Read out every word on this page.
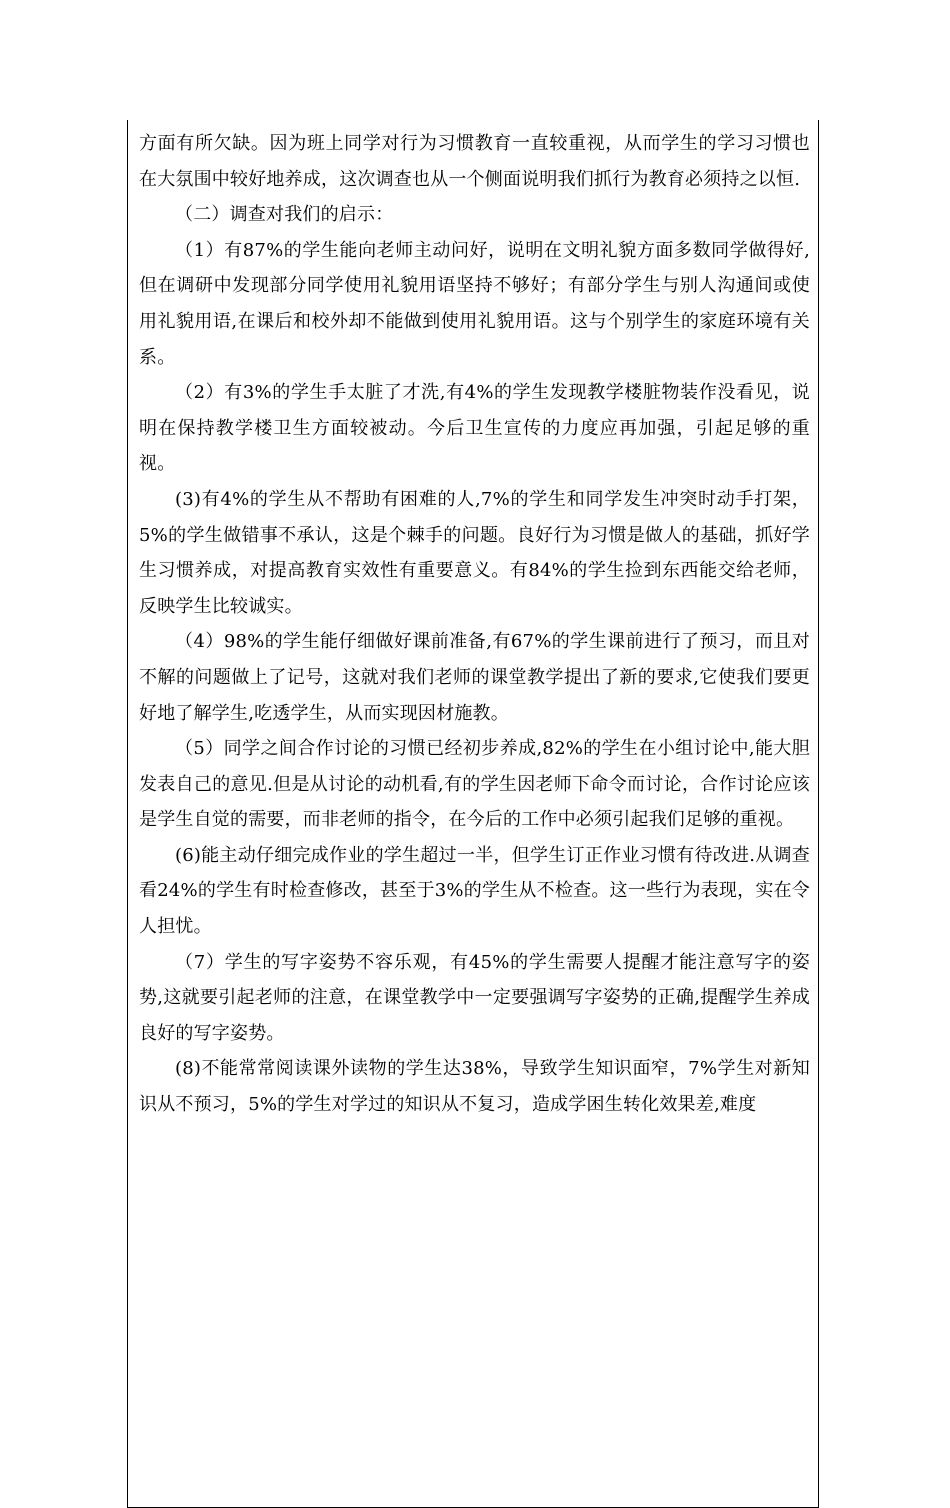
方面有所欠缺。因为班上同学对行为习惯教育一直较重视，从而学生的学习习惯也在大氛围中较好地养成，这次调查也从一个侧面说明我们抓行为教育必须持之以恒.

（二）调查对我们的启示：

（1）有87%的学生能向老师主动问好，说明在文明礼貌方面多数同学做得好,但在调研中发现部分同学使用礼貌用语坚持不够好；有部分学生与别人沟通间或使用礼貌用语,在课后和校外却不能做到使用礼貌用语。这与个别学生的家庭环境有关系。

（2）有3%的学生手太脏了才洗,有4%的学生发现教学楼脏物装作没看见，说明在保持教学楼卫生方面较被动。今后卫生宣传的力度应再加强，引起足够的重视。

(3)有4%的学生从不帮助有困难的人,7%的学生和同学发生冲突时动手打架，5%的学生做错事不承认，这是个棘手的问题。良好行为习惯是做人的基础，抓好学生习惯养成，对提高教育实效性有重要意义。有84%的学生捡到东西能交给老师，反映学生比较诚实。

（4）98%的学生能仔细做好课前准备,有67%的学生课前进行了预习，而且对不解的问题做上了记号，这就对我们老师的课堂教学提出了新的要求,它使我们要更好地了解学生,吃透学生，从而实现因材施教。

（5）同学之间合作讨论的习惯已经初步养成,82%的学生在小组讨论中,能大胆发表自己的意见.但是从讨论的动机看,有的学生因老师下命令而讨论，合作讨论应该是学生自觉的需要，而非老师的指令，在今后的工作中必须引起我们足够的重视。

(6)能主动仔细完成作业的学生超过一半，但学生订正作业习惯有待改进.从调查看24%的学生有时检查修改，甚至于3%的学生从不检查。这一些行为表现，实在令人担忧。

（7）学生的写字姿势不容乐观，有45%的学生需要人提醒才能注意写字的姿势,这就要引起老师的注意，在课堂教学中一定要强调写字姿势的正确,提醒学生养成良好的写字姿势。

(8)不能常常阅读课外读物的学生达38%，导致学生知识面窄，7%学生对新知识从不预习，5%的学生对学过的知识从不复习，造成学困生转化效果差,难度
